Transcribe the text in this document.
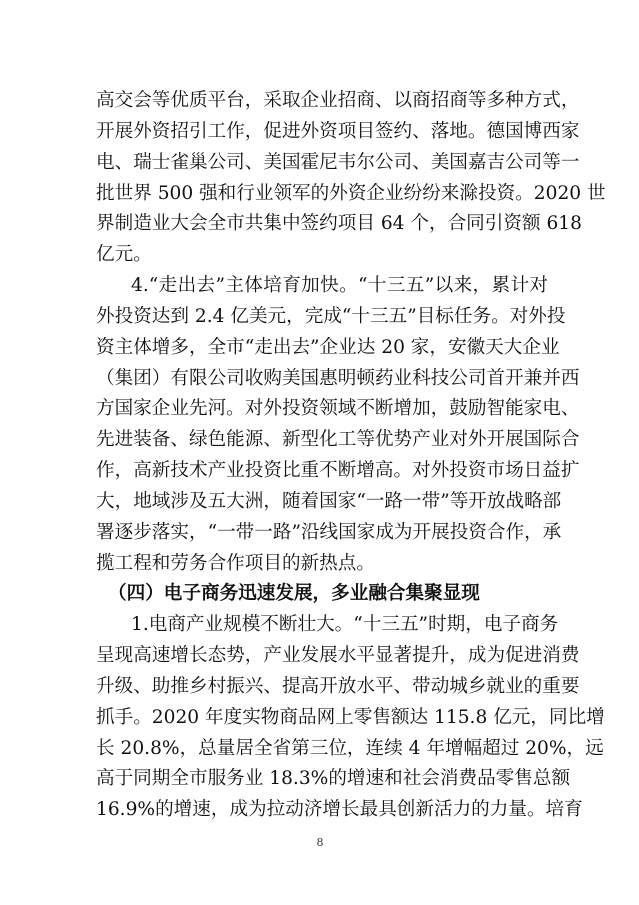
高交会等优质平台，采取企业招商、以商招商等多种方式，
开展外资招引工作，促进外资项目签约、落地。德国博西家
电、瑞士雀巢公司、美国霍尼韦尔公司、美国嘉吉公司等一
批世界 500 强和行业领军的外资企业纷纷来滁投资。2020 世
界制造业大会全市共集中签约项目 64 个，合同引资额 618
亿元。
4.“走出去”主体培育加快。“十三五”以来，累计对
外投资达到 2.4 亿美元，完成“十三五”目标任务。对外投
资主体增多，全市“走出去”企业达 20 家，安徽天大企业
（集团）有限公司收购美国惠明顿药业科技公司首开兼并西
方国家企业先河。对外投资领域不断增加，鼓励智能家电、
先进装备、绿色能源、新型化工等优势产业对外开展国际合
作，高新技术产业投资比重不断增高。对外投资市场日益扩
大，地域涉及五大洲，随着国家“一路一带”等开放战略部
署逐步落实，“一带一路”沿线国家成为开展投资合作，承
揽工程和劳务合作项目的新热点。
（四）电子商务迅速发展，多业融合集聚显现
1.电商产业规模不断壮大。“十三五”时期，电子商务
呈现高速增长态势，产业发展水平显著提升，成为促进消费
升级、助推乡村振兴、提高开放水平、带动城乡就业的重要
抓手。2020 年度实物商品网上零售额达 115.8 亿元，同比增
长 20.8%，总量居全省第三位，连续 4 年增幅超过 20%，远
高于同期全市服务业 18.3%的增速和社会消费品零售总额
16.9%的增速，成为拉动济增长最具创新活力的力量。培育
8
